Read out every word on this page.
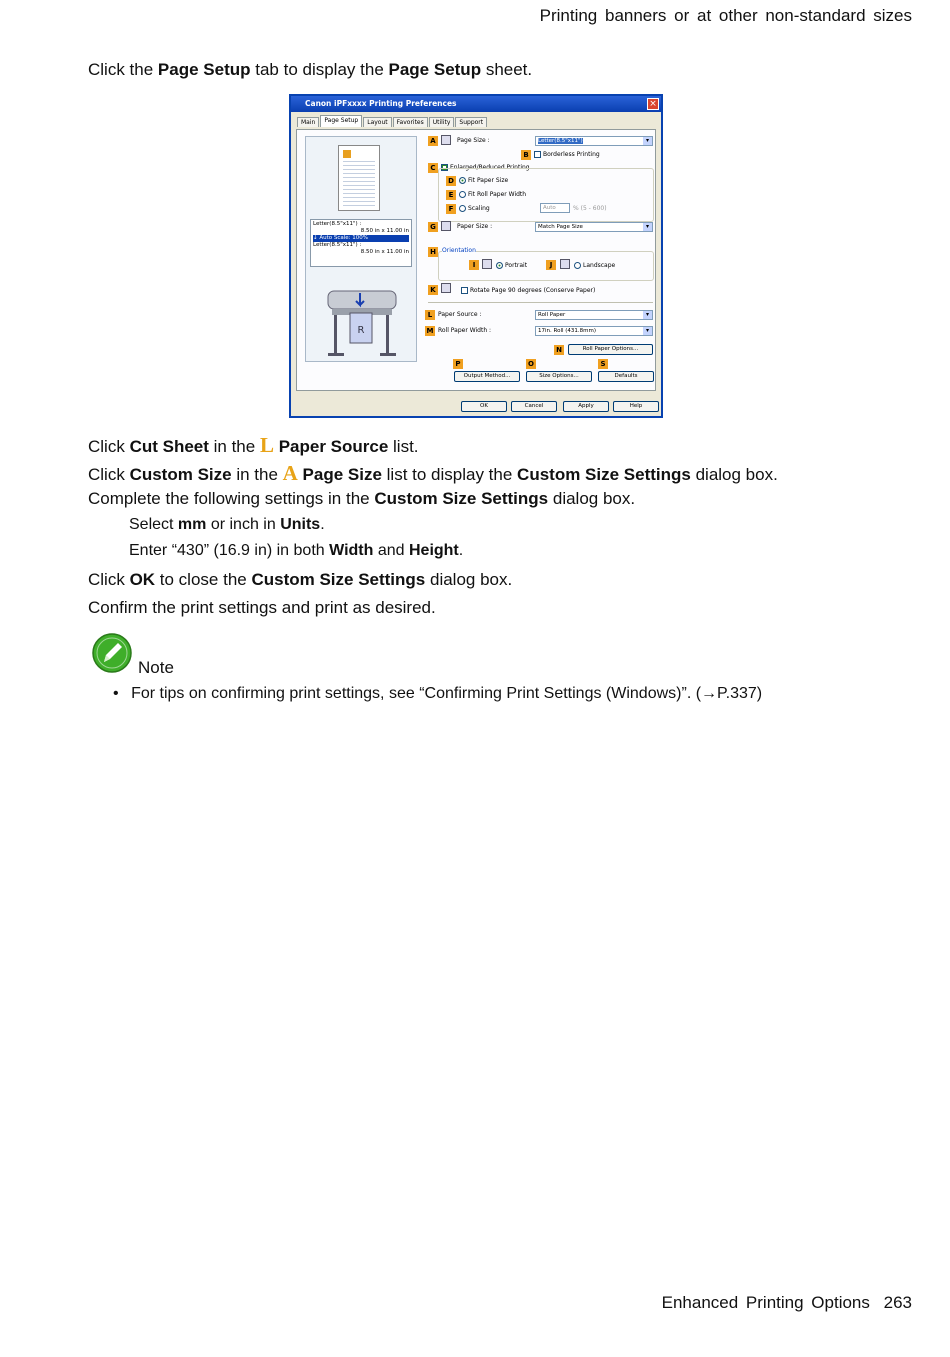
Printing banners or at other non-standard sizes
Click the Page Setup tab to display the Page Setup sheet.
Canon iPFxxxx Printing Preferences	×
Main	Page Setup	Layout	Favorites	Utility	Support
Letter(8.5"x11") :
8.50 in x 11.00 in
↓ Auto Scale: 100%
Letter(8.5"x11") :
8.50 in x 11.00 in
R
A	Page Size :	Letter(8.5"x11")	▾
B	Borderless Printing
C	Enlarged/Reduced Printing
D	Fit Paper Size
E	Fit Roll Paper Width
F	Scaling	Auto	% (5 - 600)
G	Paper Size :	Match Page Size	▾
H	Orientation
I	Portrait	J	Landscape
K	Rotate Page 90 degrees (Conserve Paper)
L Paper Source :	Roll Paper	▾
M Roll Paper Width :	17in. Roll (431.8mm)	▾
N	Roll Paper Options...
P	O	S
Output Method...	Size Options...	Defaults
OK	Cancel	Apply	Help
Click Cut Sheet in the L Paper Source list.
Click Custom Size in the A Page Size list to display the Custom Size Settings dialog box.
Complete the following settings in the Custom Size Settings dialog box.
Select mm or inch in Units.
Enter “430” (16.9 in) in both Width and Height.
Click OK to close the Custom Size Settings dialog box.
Confirm the print settings and print as desired.
Note
• For tips on confirming print settings, see “Confirming Print Settings (Windows)”. (→P.337)
Enhanced Printing Options 263
